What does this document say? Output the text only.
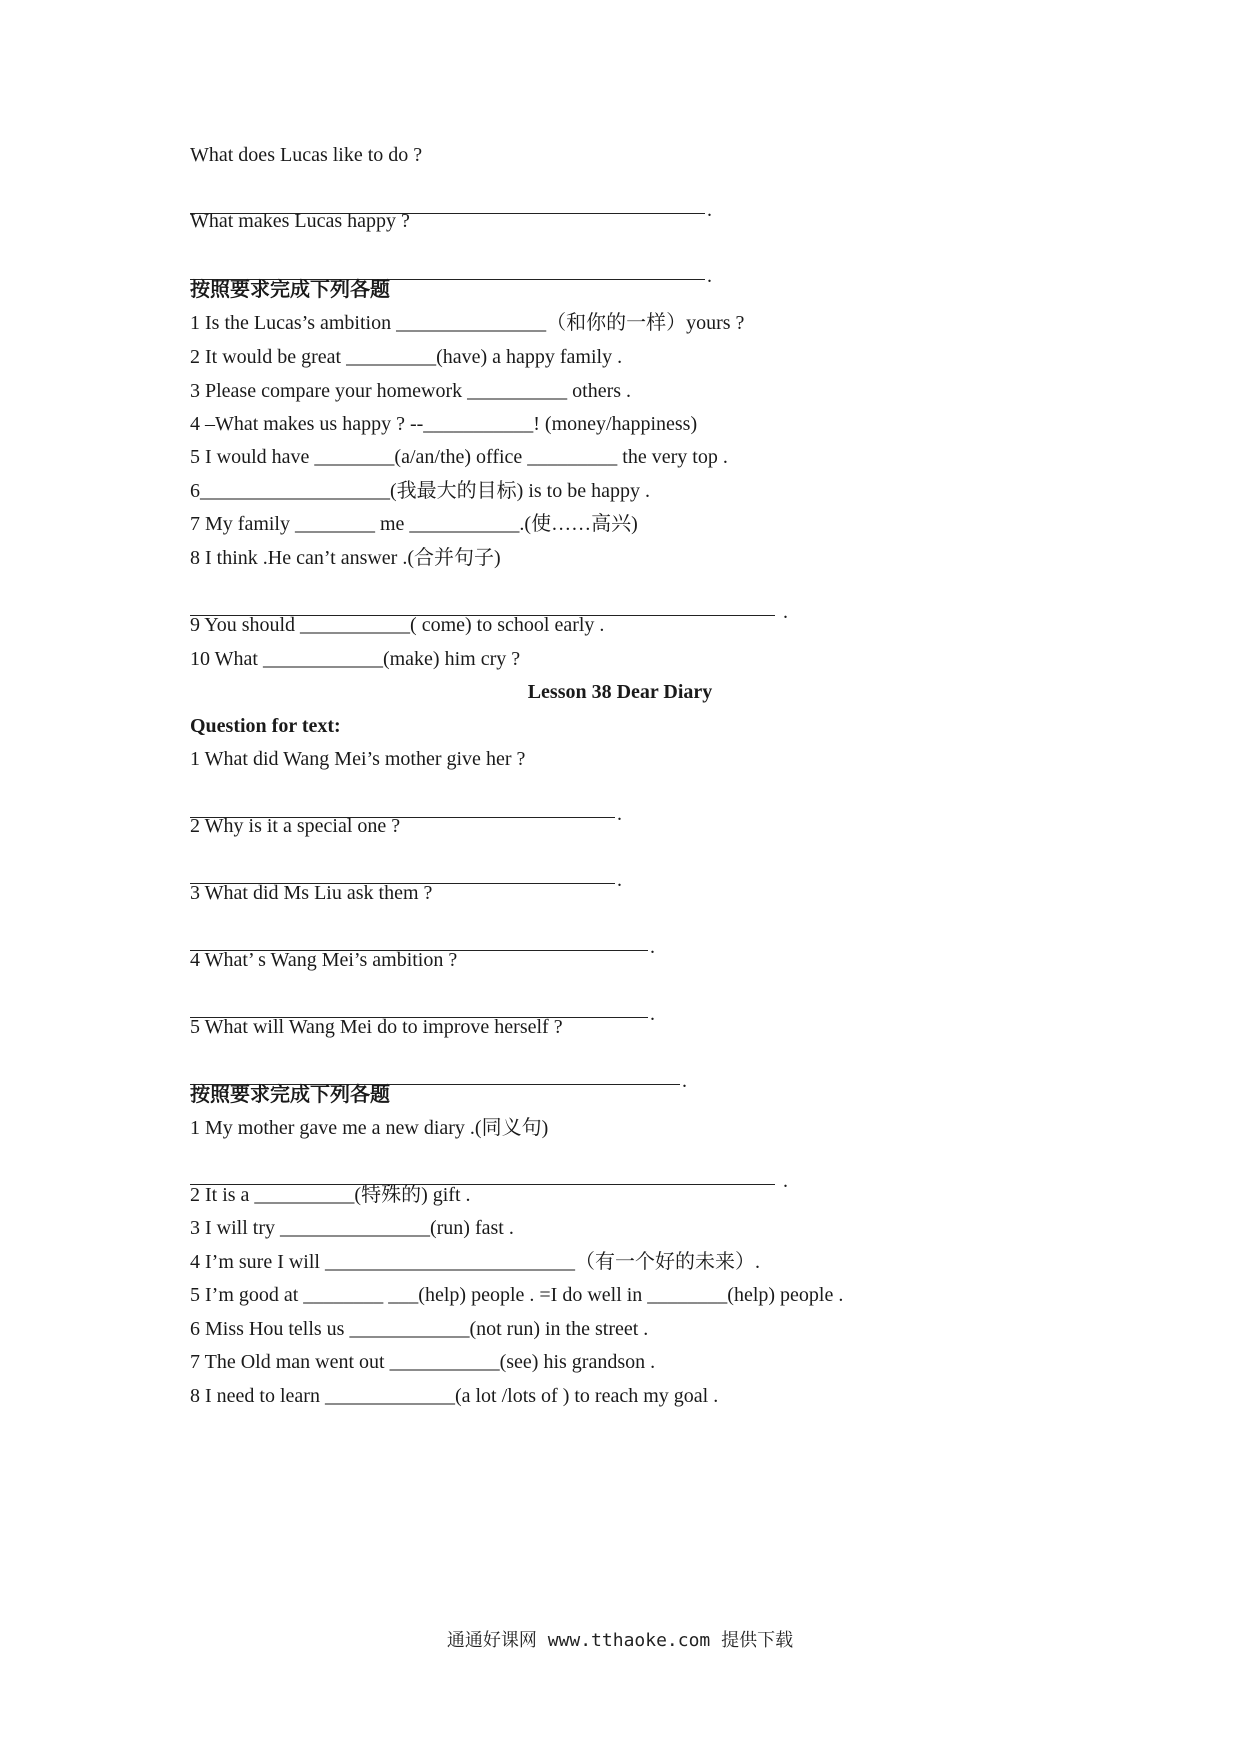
What does Lucas like to do ?
.
What makes Lucas happy ?
.
按照要求完成下列各题
1 Is the Lucas’s ambition _______________（和你的一样）yours ?
2 It would be great _________(have) a happy family .
3 Please compare your homework __________ others .
4 –What makes us happy ? --___________! (money/happiness)
5 I would have ________(a/an/the) office _________ the very top .
6___________________(我最大的目标) is to be happy .
7 My family ________ me ___________.(使……高兴)
8 I think .He can’t answer .(合并句子)
.
9 You should ___________( come) to school early .
10 What ____________(make) him cry ?
Lesson 38 Dear Diary
Question for text:
1 What did Wang Mei’s mother give her ?
.
2 Why is it a special one ?
.
3 What did Ms Liu ask them ?
.
4 What’ s Wang Mei’s ambition ?
.
5 What will Wang Mei do to improve herself ?
.
按照要求完成下列各题
1 My mother gave me a new diary .(同义句)
.
2 It is a __________(特殊的) gift .
3 I will try _______________(run) fast .
4 I’m sure I will _________________________（有一个好的未来）.
5 I’m good at ________ ___(help) people . =I do well in ________(help) people .
6 Miss Hou tells us ____________(not run) in the street .
7 The Old man went out ___________(see) his grandson .
8 I need to learn _____________(a lot /lots of ) to reach my goal .
通通好课网 www.tthaoke.com 提供下载
